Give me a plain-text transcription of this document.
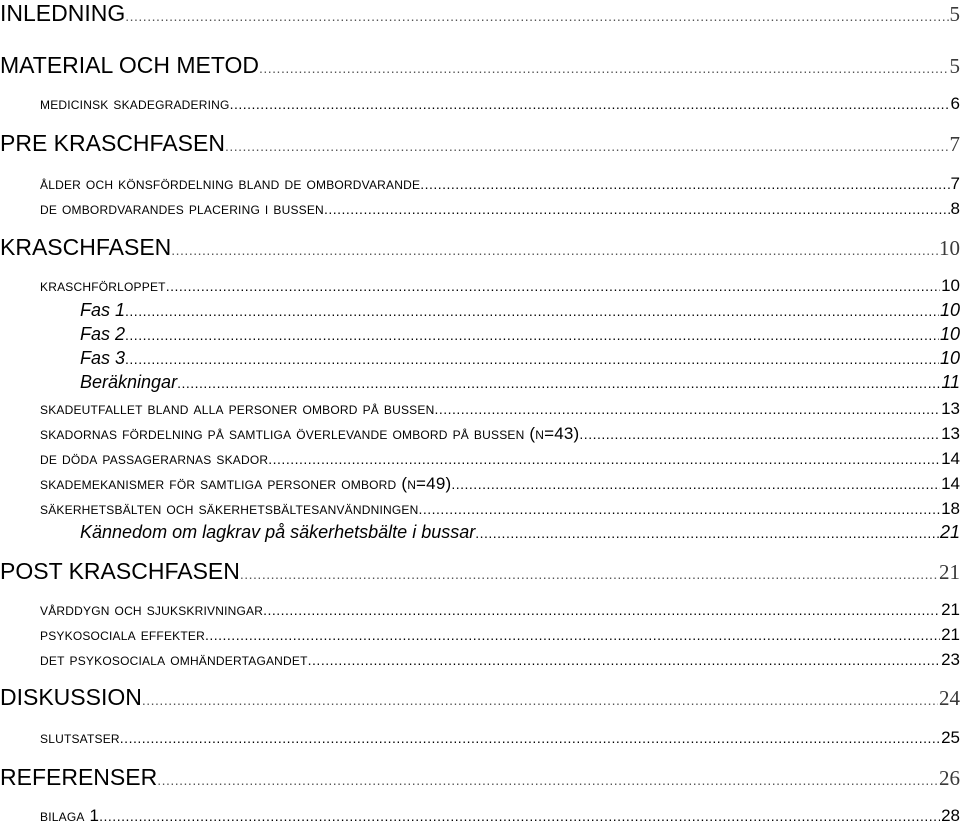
INLEDNING .....	5
MATERIAL OCH METOD .....	5
medicinsk skadegradering .....	6
PRE KRASCHFASEN .....	7
ålder och könsfördelning bland de ombordvarande .....	7
de ombordvarandes placering i bussen .....	8
KRASCHFASEN .....	10
kraschförloppet .....	10
Fas 1 .....	10
Fas 2 .....	10
Fas 3 .....	10
Beräkningar .....	11
skadeutfallet bland alla personer ombord på bussen .....	13
skadornas fördelning på samtliga överlevande ombord på bussen (n=43) .....	13
de döda passagerarnas skador .....	14
skademekanismer för samtliga personer ombord (n=49) .....	14
säkerhetsbälten och säkerhetsbältesanvändningen .....	18
Kännedom om lagkrav på säkerhetsbälte i bussar .....	21
POST KRASCHFASEN .....	21
vårddygn och sjukskrivningar .....	21
psykosociala effekter .....	21
det psykosociala omhändertagandet .....	23
DISKUSSION .....	24
slutsatser .....	25
REFERENSER .....	26
bilaga 1 .....	28
